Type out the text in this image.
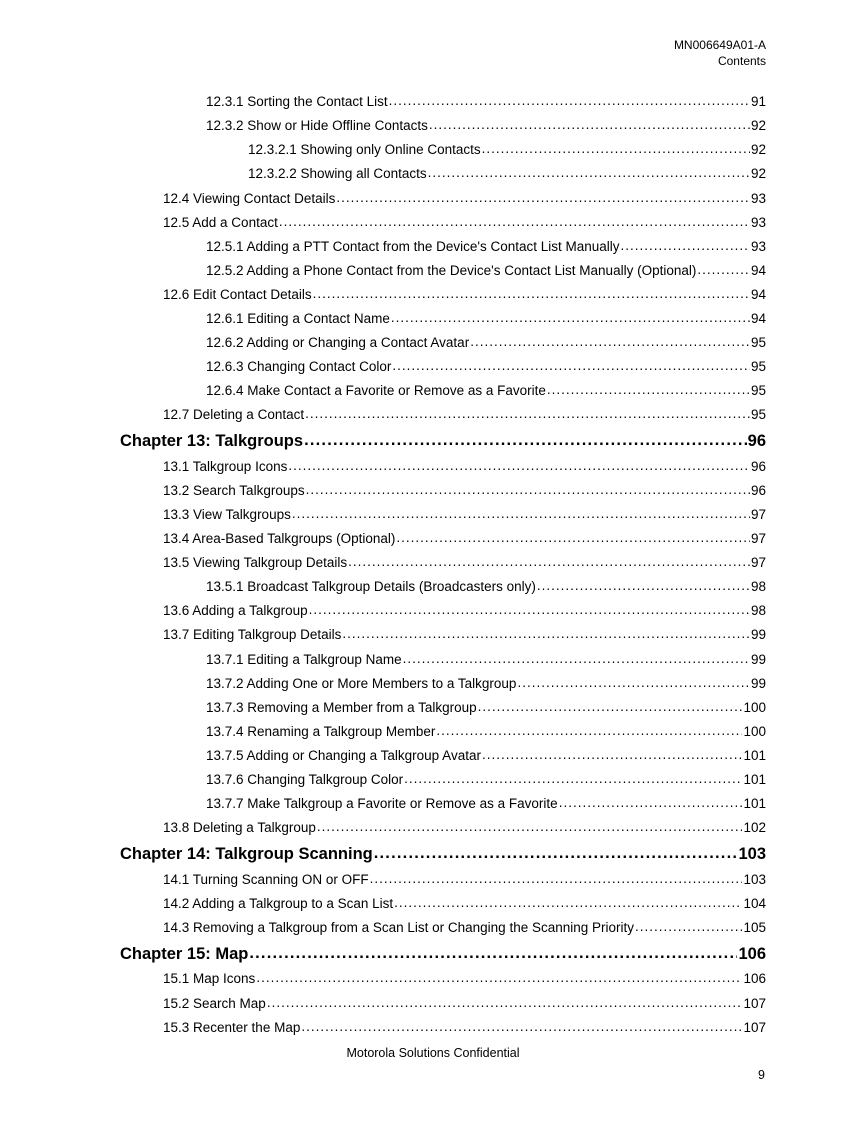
MN006649A01-A
Contents
12.3.1 Sorting the Contact List .....	91
12.3.2 Show or Hide Offline Contacts .....	92
12.3.2.1 Showing only Online Contacts .....	92
12.3.2.2 Showing all Contacts .....	92
12.4 Viewing Contact Details .....	93
12.5 Add a Contact .....	93
12.5.1 Adding a PTT Contact from the Device's Contact List Manually .....	93
12.5.2 Adding a Phone Contact from the Device's Contact List Manually (Optional) .....	94
12.6 Edit Contact Details .....	94
12.6.1 Editing a Contact Name .....	94
12.6.2 Adding or Changing a Contact Avatar .....	95
12.6.3 Changing Contact Color .....	95
12.6.4 Make Contact a Favorite or Remove as a Favorite .....	95
12.7 Deleting a Contact .....	95
Chapter 13: Talkgroups .....	96
13.1 Talkgroup Icons .....	96
13.2 Search Talkgroups .....	96
13.3 View Talkgroups .....	97
13.4 Area-Based Talkgroups (Optional) .....	97
13.5 Viewing Talkgroup Details .....	97
13.5.1 Broadcast Talkgroup Details (Broadcasters only) .....	98
13.6 Adding a Talkgroup .....	98
13.7 Editing Talkgroup Details .....	99
13.7.1 Editing a Talkgroup Name .....	99
13.7.2 Adding One or More Members to a Talkgroup .....	99
13.7.3 Removing a Member from a Talkgroup .....	100
13.7.4 Renaming a Talkgroup Member .....	100
13.7.5 Adding or Changing a Talkgroup Avatar .....	101
13.7.6 Changing Talkgroup Color .....	101
13.7.7 Make Talkgroup a Favorite or Remove as a Favorite .....	101
13.8 Deleting a Talkgroup .....	102
Chapter 14: Talkgroup Scanning .....	103
14.1 Turning Scanning ON or OFF .....	103
14.2 Adding a Talkgroup to a Scan List .....	104
14.3 Removing a Talkgroup from a Scan List or Changing the Scanning Priority .....	105
Chapter 15: Map .....	106
15.1 Map Icons .....	106
15.2 Search Map .....	107
15.3 Recenter the Map .....	107
Motorola Solutions Confidential
9
